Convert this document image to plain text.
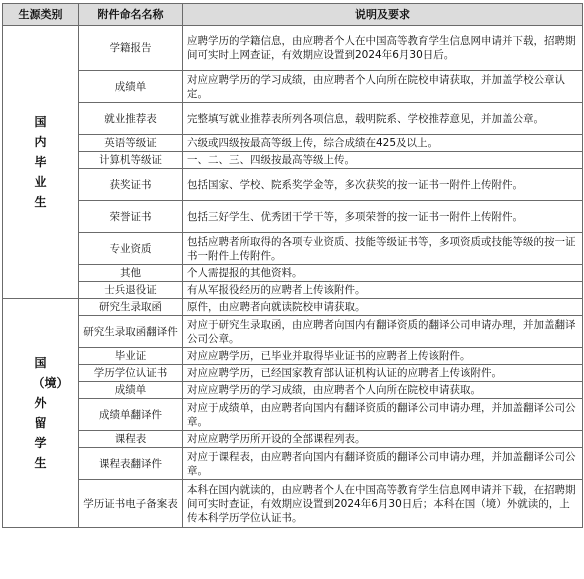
生源类别	附件命名名称	说明及要求
国内毕业生	学籍报告	应聘学历的学籍信息，由应聘者个人在中国高等教育学生信息网申请并下载，招聘期间可实时上网查证，有效期应设置到2024年6月30日后。
	成绩单	对应应聘学历的学习成绩，由应聘者个人向所在院校申请获取，并加盖学校公章认定。
	就业推荐表	完整填写就业推荐表所列各项信息，载明院系、学校推荐意见，并加盖公章。
	英语等级证	六级或四级按最高等级上传，综合成绩在425及以上。
	计算机等级证	一、二、三、四级按最高等级上传。
	获奖证书	包括国家、学校、院系奖学金等，多次获奖的按一证书一附件上传附件。
	荣誉证书	包括三好学生、优秀团干学干等，多项荣誉的按一证书一附件上传附件。
	专业资质	包括应聘者所取得的各项专业资质、技能等级证书等，多项资质或技能等级的按一证书一附件上传附件。
	其他	个人需提报的其他资料。
	士兵退役证	有从军报役经历的应聘者上传该附件。
国（境）外留学生	研究生录取函	原件，由应聘者向就读院校申请获取。
	研究生录取函翻译件	对应于研究生录取函，由应聘者向国内有翻译资质的翻译公司申请办理，并加盖翻译公司公章。
	毕业证	对应应聘学历，已毕业并取得毕业证书的应聘者上传该附件。
	学历学位认证书	对应应聘学历，已经国家教育部认证机构认证的应聘者上传该附件。
	成绩单	对应应聘学历的学习成绩，由应聘者个人向所在院校申请获取。
	成绩单翻译件	对应于成绩单，由应聘者向国内有翻译资质的翻译公司申请办理，并加盖翻译公司公章。
	课程表	对应应聘学历所开设的全部课程列表。
	课程表翻译件	对应于课程表，由应聘者向国内有翻译资质的翻译公司申请办理，并加盖翻译公司公章。
	学历证书电子备案表	本科在国内就读的，由应聘者个人在中国高等教育学生信息网申请并下载，在招聘期间可实时查证，有效期应设置到2024年6月30日后；本科在国（境）外就读的，上传本科学历学位认证书。
